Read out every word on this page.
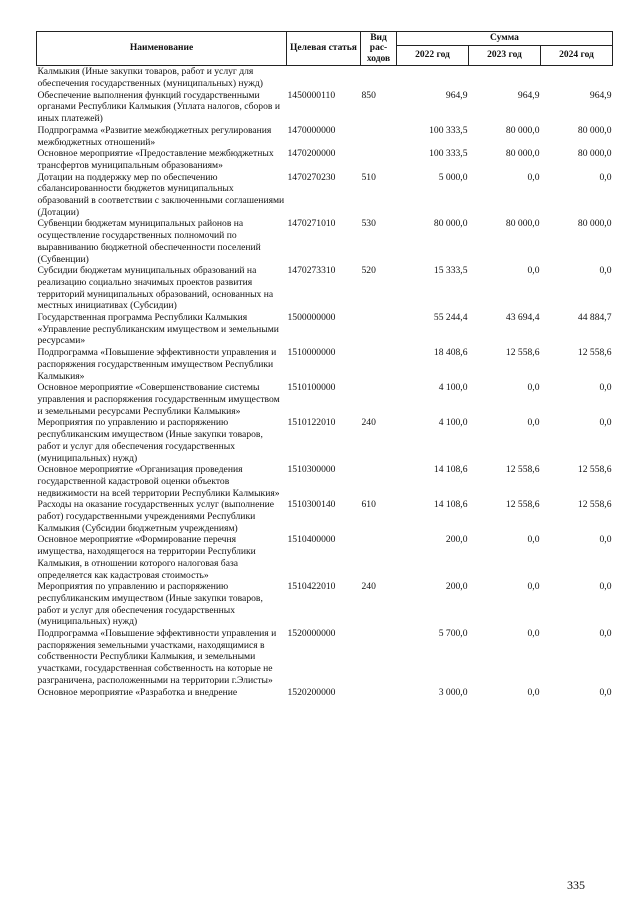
Наименование	Целевая статья	Вид рас-ходов	Сумма		
			2022 год	2023 год	2024 год
Калмыкия (Иные закупки товаров, работ и услуг для обеспечения государственных (муниципальных) нужд)					
Обеспечение выполнения функций государственными органами Республики Калмыкия (Уплата налогов, сборов и иных платежей)	1450000110	850	964,9	964,9	964,9
Подпрограмма «Развитие межбюджетных регулирования межбюджетных отношений»	1470000000		100 333,5	80 000,0	80 000,0
Основное мероприятие «Предоставление межбюджетных трансфертов муниципальным образованиям»	1470200000		100 333,5	80 000,0	80 000,0
Дотации на поддержку мер по обеспечению сбалансированности бюджетов муниципальных образований в соответствии с заключенными соглашениями (Дотации)	1470270230	510	5 000,0	0,0	0,0
Субвенции бюджетам муниципальных районов на осуществление государственных полномочий по выравниванию бюджетной обеспеченности поселений (Субвенции)	1470271010	530	80 000,0	80 000,0	80 000,0
Субсидии бюджетам муниципальных образований на реализацию социально значимых проектов развития территорий муниципальных образований, основанных на местных инициативах (Субсидии)	1470273310	520	15 333,5	0,0	0,0
Государственная программа Республики Калмыкия «Управление республиканским имуществом и земельными ресурсами»	1500000000		55 244,4	43 694,4	44 884,7
Подпрограмма «Повышение эффективности управления и распоряжения государственным имуществом Республики Калмыкия»	1510000000		18 408,6	12 558,6	12 558,6
Основное мероприятие «Совершенствование системы управления и распоряжения государственным имуществом и земельными ресурсами Республики Калмыкия»	1510100000		4 100,0	0,0	0,0
Мероприятия по управлению и распоряжению республиканским имуществом (Иные закупки товаров, работ и услуг для обеспечения государственных (муниципальных) нужд)	1510122010	240	4 100,0	0,0	0,0
Основное мероприятие «Организация проведения государственной кадастровой оценки объектов недвижимости на всей территории Республики Калмыкия»	1510300000		14 108,6	12 558,6	12 558,6
Расходы на оказание государственных услуг (выполнение работ) государственными учреждениями Республики Калмыкия (Субсидии бюджетным учреждениям)	1510300140	610	14 108,6	12 558,6	12 558,6
Основное мероприятие «Формирование перечня имущества, находящегося на территории Республики Калмыкия, в отношении которого налоговая база определяется как кадастровая стоимость»	1510400000		200,0	0,0	0,0
Мероприятия по управлению и распоряжению республиканским имуществом (Иные закупки товаров, работ и услуг для обеспечения государственных (муниципальных) нужд)	1510422010	240	200,0	0,0	0,0
Подпрограмма «Повышение эффективности управления и распоряжения земельными участками, находящимися в собственности Республики Калмыкия, и земельными участками, государственная собственность на которые не разграничена, расположенными на территории г.Элисты»	1520000000		5 700,0	0,0	0,0
Основное мероприятие «Разработка и внедрение	1520200000		3 000,0	0,0	0,0
335
